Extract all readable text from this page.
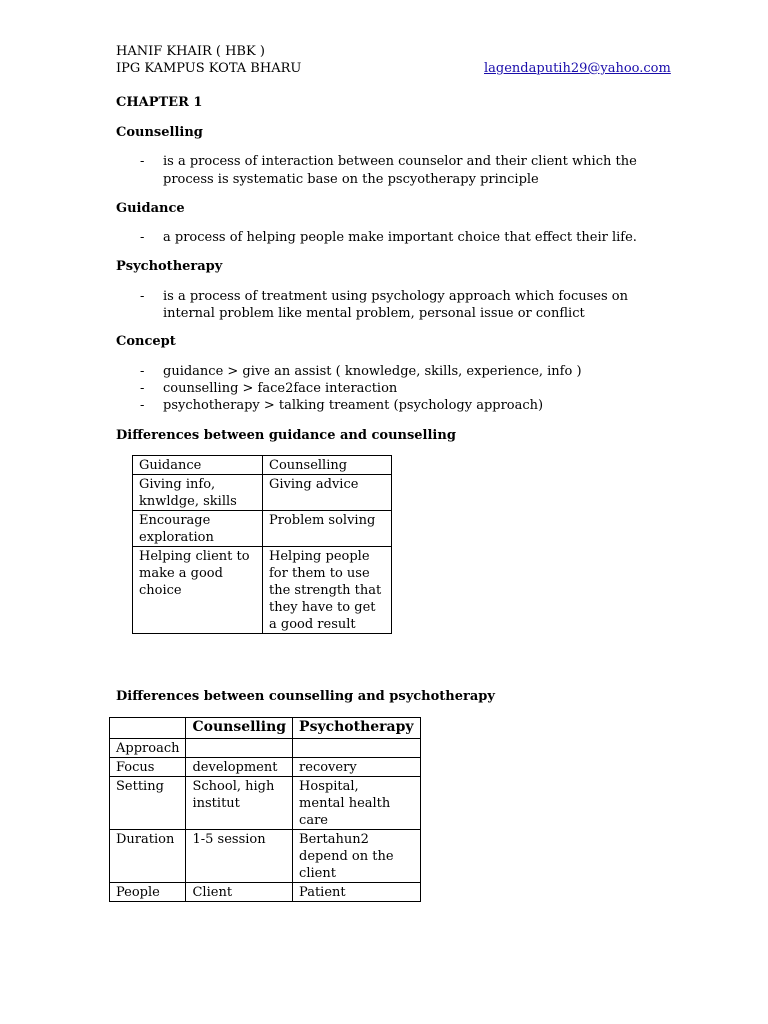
HANIF KHAIR ( HBK )
IPG KAMPUS KOTA BHARU	lagendaputih29@yahoo.com
CHAPTER 1
Counselling
- is a process of interaction between counselor and their client which the
process is systematic base on the pscyotherapy principle
Guidance
- a process of helping people make important choice that effect their life.
Psychotherapy
- is a process of treatment using psychology approach which focuses on
internal problem like mental problem, personal issue or conflict
Concept
- guidance > give an assist ( knowledge, skills, experience, info )
- counselling > face2face interaction
- psychotherapy > talking treament (psychology approach)
Differences between guidance and counselling
Guidance	Counselling
Giving info,
knwldge, skills	Giving advice
Encourage
exploration	Problem solving
Helping client to
make a good
choice	Helping people
for them to use
the strength that
they have to get
a good result
Differences between counselling and psychotherapy
	Counselling	Psychotherapy
Approach		
Focus	development	recovery
Setting	School, high
institut	Hospital,
mental health
care
Duration	1-5 session	Bertahun2
depend on the
client
People	Client	Patient
